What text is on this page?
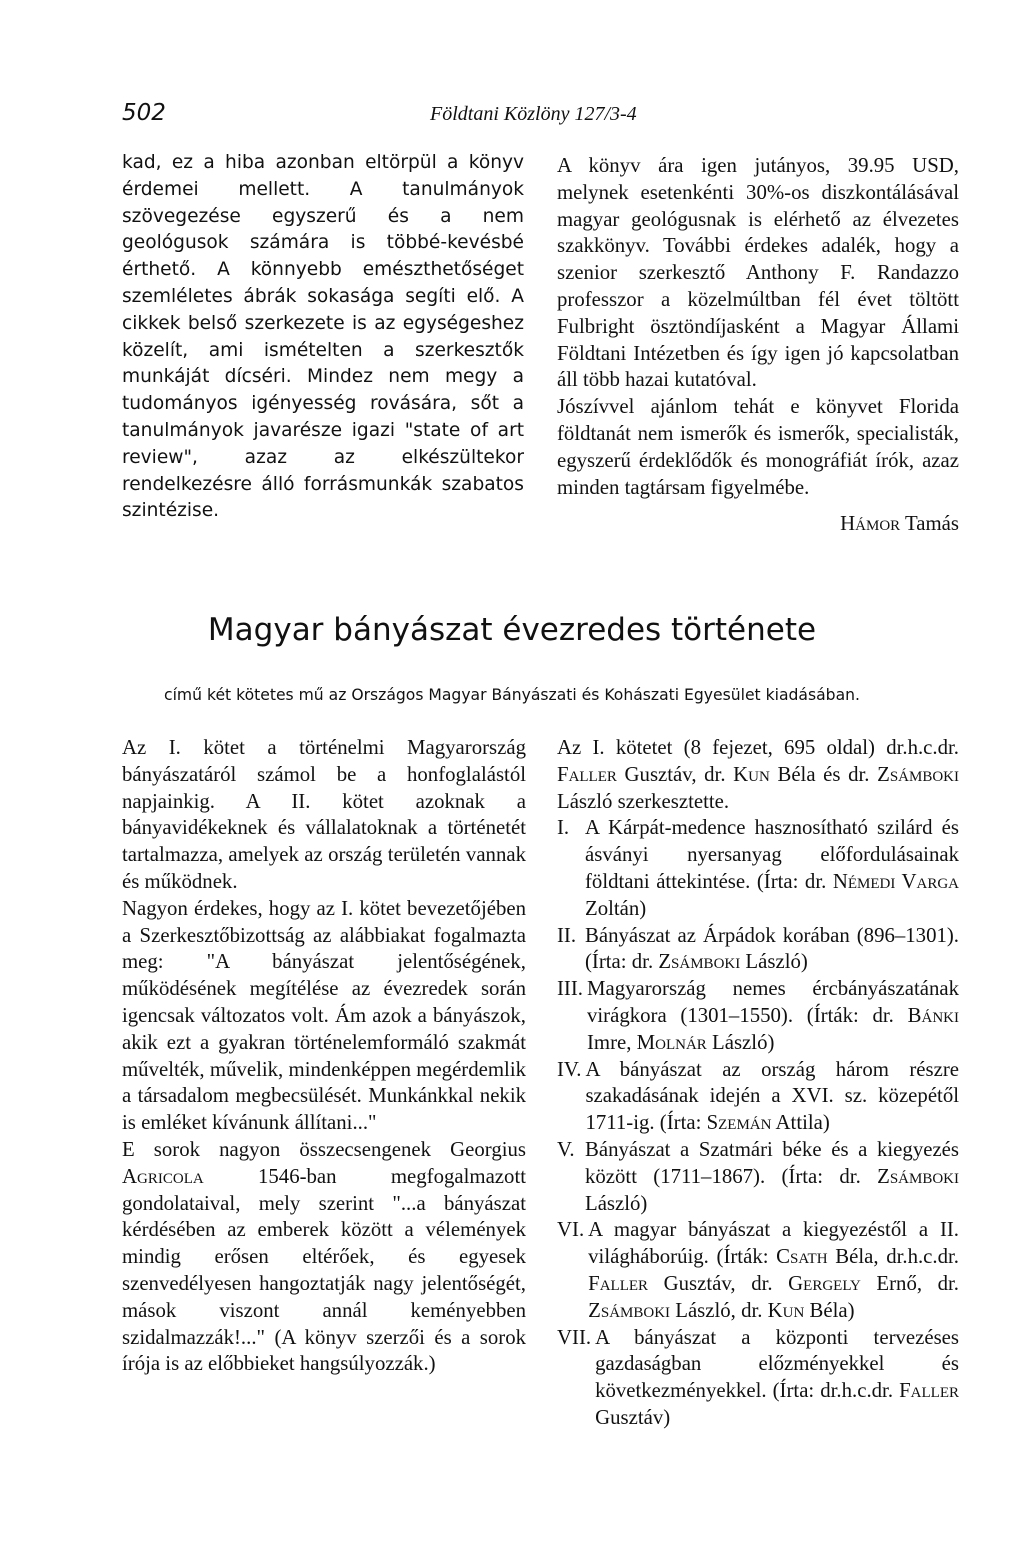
502	Földtani Közlöny 127/3-4

kad, ez a hiba azonban eltörpül a könyv érdemei mellett. A tanulmányok szövegezése egyszerű és a nem geológusok számára is többé-kevésbé érthető. A könnyebb emészthetőséget szemléletes ábrák sokasága segíti elő. A cikkek belső szerkezete is az egységeshez közelít, ami ismételten a szerkesztők munkáját dícséri. Mindez nem megy a tudományos igényesség rovására, sőt a tanulmányok javarésze igazi "state of art review", azaz az elkészültekor rendelkezésre álló forrásmunkák szabatos szintézise.

A könyv ára igen jutányos, 39.95 USD, melynek esetenkénti 30%-os diszkontálásával magyar geológusnak is elérhető az élvezetes szakkönyv. További érdekes adalék, hogy a szenior szerkesztő Anthony F. Randazzo professzor a közelmúltban fél évet töltött Fulbright ösztöndíjasként a Magyar Állami Földtani Intézetben és így igen jó kapcsolatban áll több hazai kutatóval.

Jószívvel ajánlom tehát e könyvet Florida földtanát nem ismerők és ismerők, specialisták, egyszerű érdeklődők és monográfiát írók, azaz minden tagtársam figyelmébe.

Hámor Tamás

Magyar bányászat évezredes története
című két kötetes mű az Országos Magyar Bányászati és Kohászati Egyesület kiadásában.

Az I. kötet a történelmi Magyarország bányászatáról számol be a honfoglalástól napjainkig. A II. kötet azoknak a bányavidékeknek és vállalatoknak a történetét tartalmazza, amelyek az ország területén vannak és működnek.

Nagyon érdekes, hogy az I. kötet bevezetőjében a Szerkesztőbizottság az alábbiakat fogalmazta meg: "A bányászat jelentőségének, működésének megítélése az évezredek során igencsak változatos volt. Ám azok a bányászok, akik ezt a gyakran történelemformáló szakmát művelték, művelik, mindenképpen megérdemlik a társadalom megbecsülését. Munkánkkal nekik is emléket kívánunk állítani..."

E sorok nagyon összecsengenek Georgius Agricola 1546-ban megfogalmazott gondolataival, mely szerint "...a bányászat kérdésében az emberek között a vélemények mindig erősen eltérőek, és egyesek szenvedélyesen hangoztatják nagy jelentőségét, mások viszont annál keményebben szidalmazzák!..." (A könyv szerzői és a sorok írója is az előbbieket hangsúlyozzák.)

Az I. kötetet (8 fejezet, 695 oldal) dr.h.c.dr. Faller Gusztáv, dr. Kun Béla és dr. Zsámboki László szerkesztette.

I. A Kárpát-medence hasznosítható szilárd és ásványi nyersanyag előfordulásainak földtani áttekintése. (Írta: dr. Némedi Varga Zoltán)
II. Bányászat az Árpádok korában (896–1301). (Írta: dr. Zsámboki László)
III. Magyarország nemes ércbányászatának virágkora (1301–1550). (Írták: dr. Bánki Imre, Molnár László)
IV. A bányászat az ország három részre szakadásának idején a XVI. sz. közepétől 1711-ig. (Írta: Szemán Attila)
V. Bányászat a Szatmári béke és a kiegyezés között (1711–1867). (Írta: dr. Zsámboki László)
VI. A magyar bányászat a kiegyezéstől a II. világháborúig. (Írták: Csath Béla, dr.h.c.dr. Faller Gusztáv, dr. Gergely Ernő, dr. Zsámboki László, dr. Kun Béla)
VII. A bányászat a központi tervezéses gazdaságban előzményekkel és következményekkel. (Írta: dr.h.c.dr. Faller Gusztáv)
